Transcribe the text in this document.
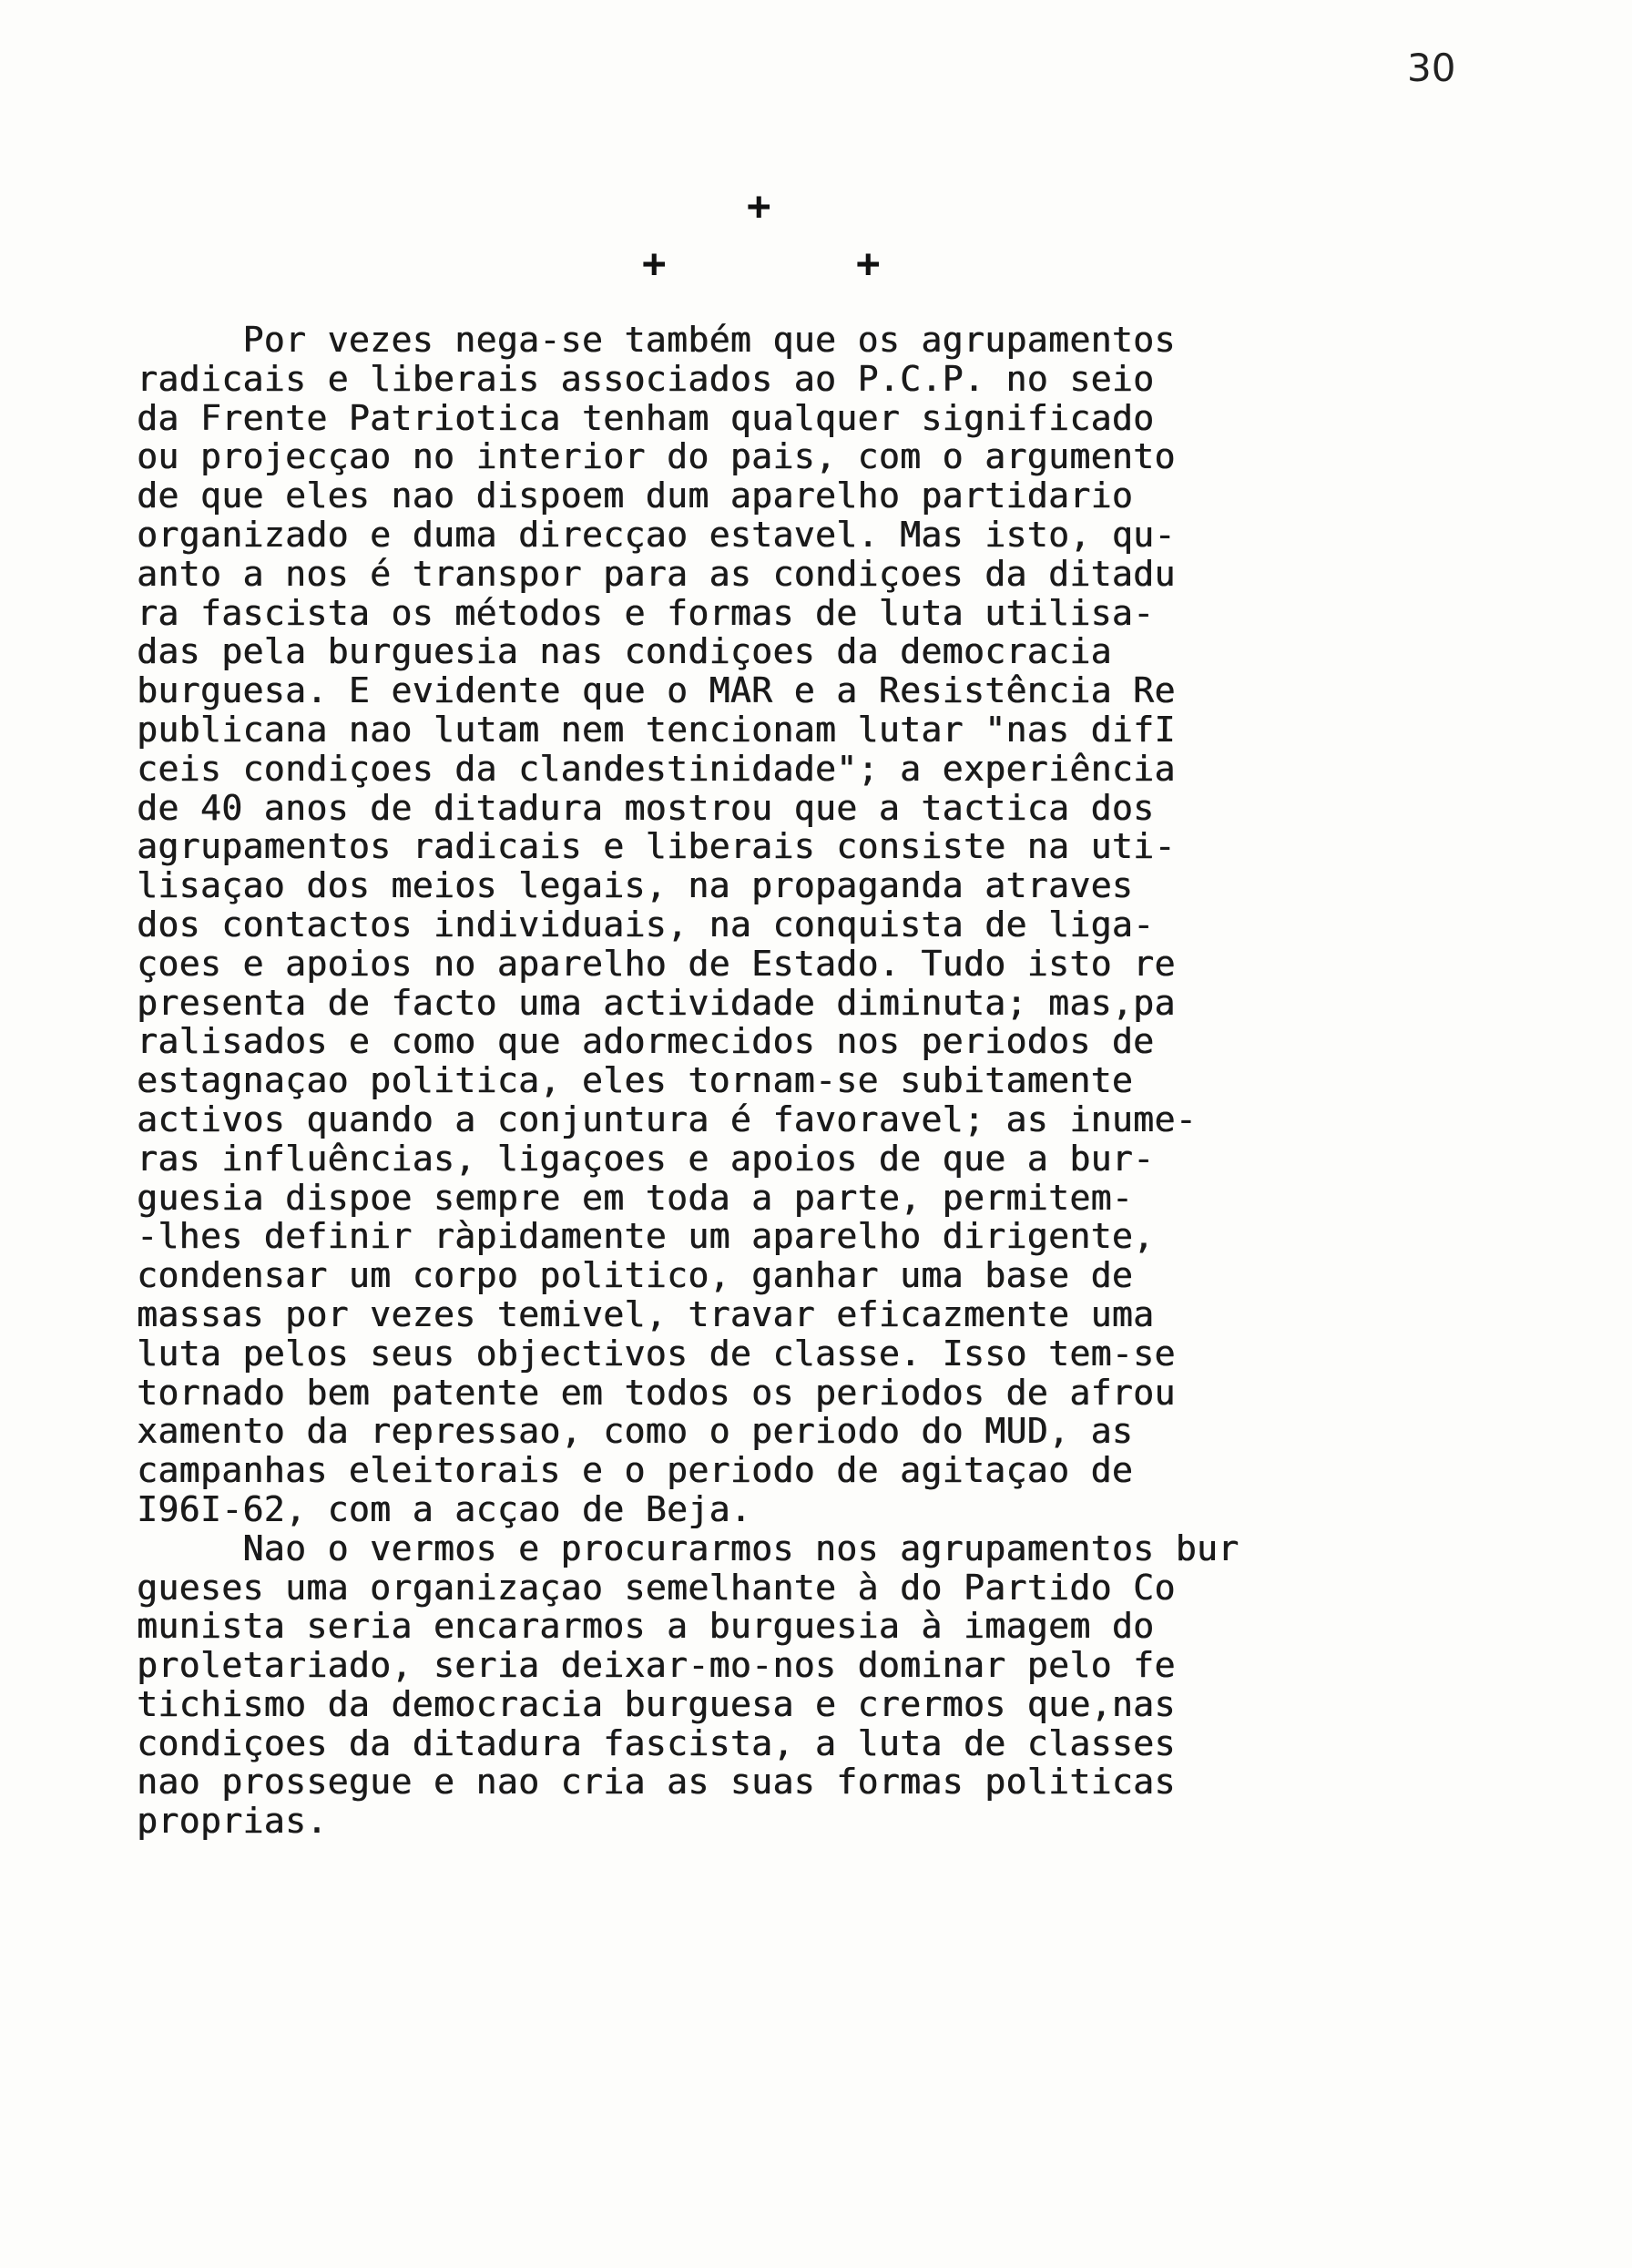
30
+
+	+
Por vezes nega-se também que os agrupamentos
radicais e liberais associados ao P.C.P. no seio
da Frente Patriotica tenham qualquer significado
ou projecçao no interior do pais, com o argumento
de que eles nao dispoem dum aparelho partidario
organizado e duma direcçao estavel. Mas isto, qu-
anto a nos é transpor para as condiçoes da ditadu
ra fascista os métodos e formas de luta utilisa-
das pela burguesia nas condiçoes da democracia
burguesa. E evidente que o MAR e a Resistência Re
publicana nao lutam nem tencionam lutar "nas difI
ceis condiçoes da clandestinidade"; a experiência
de 40 anos de ditadura mostrou que a tactica dos
agrupamentos radicais e liberais consiste na uti-
lisaçao dos meios legais, na propaganda atraves
dos contactos individuais, na conquista de liga-
çoes e apoios no aparelho de Estado. Tudo isto re
presenta de facto uma actividade diminuta; mas,pa
ralisados e como que adormecidos nos periodos de
estagnaçao politica, eles tornam-se subitamente
activos quando a conjuntura é favoravel; as inume-
ras influências, ligaçoes e apoios de que a bur-
guesia dispoe sempre em toda a parte, permitem-
-lhes definir ràpidamente um aparelho dirigente,
condensar um corpo politico, ganhar uma base de
massas por vezes temivel, travar eficazmente uma
luta pelos seus objectivos de classe. Isso tem-se
tornado bem patente em todos os periodos de afrou
xamento da repressao, como o periodo do MUD, as
campanhas eleitorais e o periodo de agitaçao de
I96I-62, com a acçao de Beja.
Nao o vermos e procurarmos nos agrupamentos bur
gueses uma organizaçao semelhante à do Partido Co
munista seria encararmos a burguesia à imagem do
proletariado, seria deixar-mo-nos dominar pelo fe
tichismo da democracia burguesa e crermos que,nas
condiçoes da ditadura fascista, a luta de classes
nao prossegue e nao cria as suas formas politicas
proprias.
